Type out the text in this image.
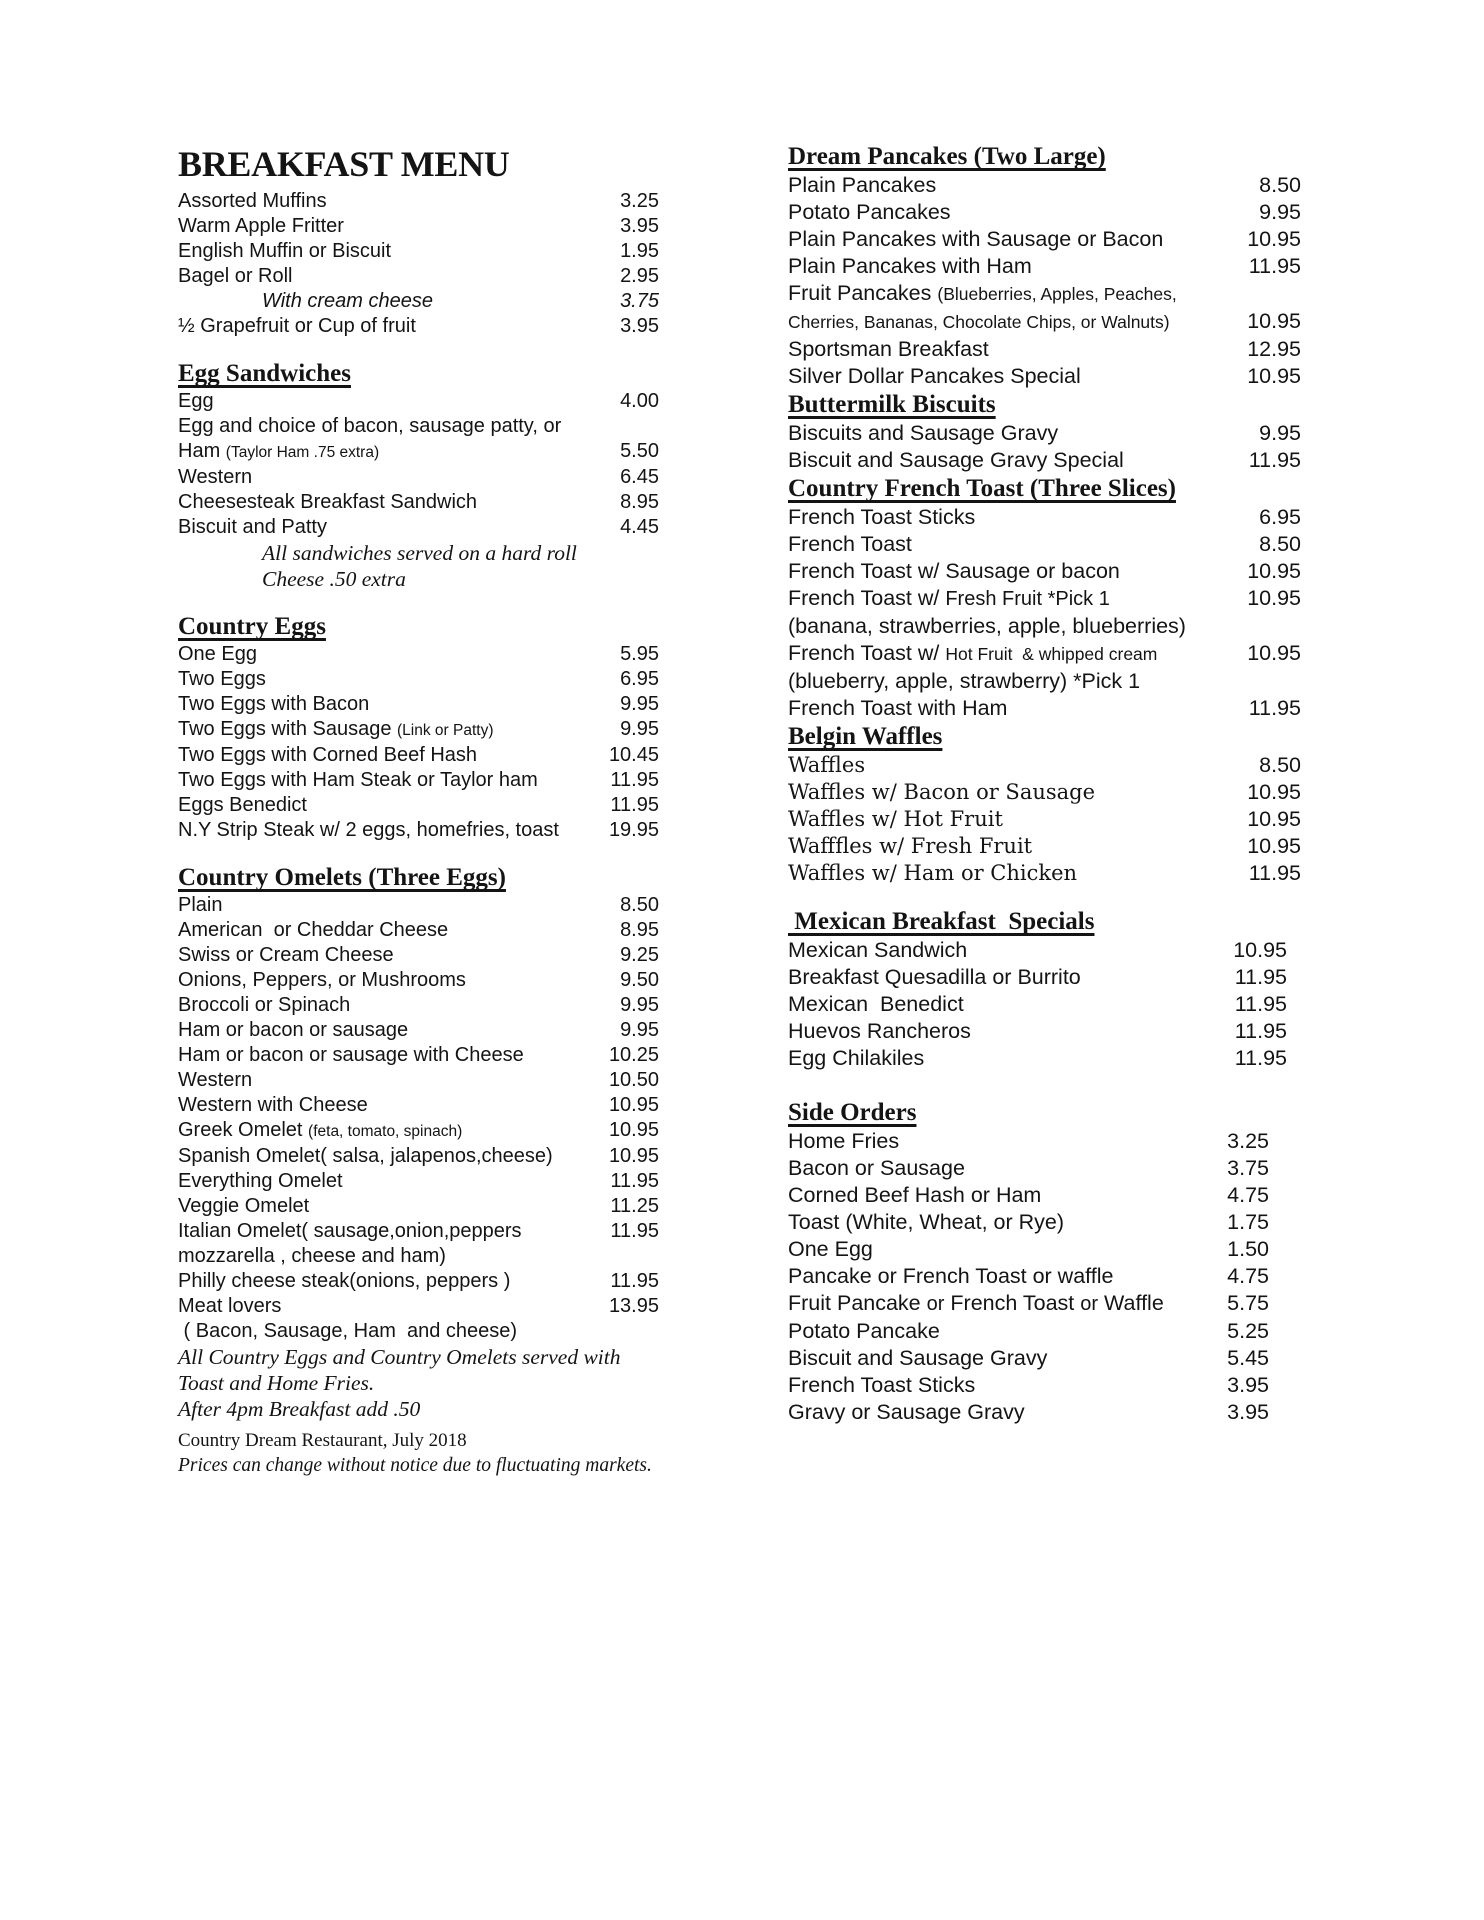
BREAKFAST MENU
Assorted Muffins	3.25
Warm Apple Fritter	3.95
English Muffin or Biscuit	1.95
Bagel or Roll	2.95
With cream cheese	3.75
½ Grapefruit or Cup of fruit	3.95
Egg Sandwiches
Egg	4.00
Egg and choice of bacon, sausage patty, or
Ham (Taylor Ham .75 extra)	5.50
Western	6.45
Cheesesteak Breakfast Sandwich	8.95
Biscuit and Patty	4.45
All sandwiches served on a hard roll
Cheese .50 extra
Country Eggs
One Egg	5.95
Two Eggs	6.95
Two Eggs with Bacon	9.95
Two Eggs with Sausage (Link or Patty)	9.95
Two Eggs with Corned Beef Hash	10.45
Two Eggs with Ham Steak or Taylor ham	11.95
Eggs Benedict	11.95
N.Y Strip Steak w/ 2 eggs, homefries, toast	19.95
Country Omelets (Three Eggs)
Plain	8.50
American  or Cheddar Cheese	8.95
Swiss or Cream Cheese	9.25
Onions, Peppers, or Mushrooms	9.50
Broccoli or Spinach	9.95
Ham or bacon or sausage	9.95
Ham or bacon or sausage with Cheese	10.25
Western	10.50
Western with Cheese	10.95
Greek Omelet (feta, tomato, spinach)	10.95
Spanish Omelet( salsa, jalapenos,cheese)	10.95
Everything Omelet	11.95
Veggie Omelet	11.25
Italian Omelet( sausage,onion,peppers	11.95
mozzarella , cheese and ham)
Philly cheese steak(onions, peppers )	11.95
Meat lovers	13.95
( Bacon, Sausage, Ham  and cheese)
All Country Eggs and Country Omelets served with
Toast and Home Fries.
After 4pm Breakfast add .50
Dream Pancakes (Two Large)
Plain Pancakes	8.50
Potato Pancakes	9.95
Plain Pancakes with Sausage or Bacon	10.95
Plain Pancakes with Ham	11.95
Fruit Pancakes (Blueberries, Apples, Peaches,
Cherries, Bananas, Chocolate Chips, or Walnuts)	10.95
Sportsman Breakfast	12.95
Silver Dollar Pancakes Special	10.95
Buttermilk Biscuits
Biscuits and Sausage Gravy	9.95
Biscuit and Sausage Gravy Special	11.95
Country French Toast (Three Slices)
French Toast Sticks	6.95
French Toast	8.50
French Toast w/ Sausage or bacon	10.95
French Toast w/ Fresh Fruit *Pick 1	10.95
(banana, strawberries, apple, blueberries)
French Toast w/ Hot Fruit  & whipped cream	10.95
(blueberry, apple, strawberry) *Pick 1
French Toast with Ham	11.95
Belgin Waffles
Waffles	8.50
Waffles w/ Bacon or Sausage	10.95
Waffles w/ Hot Fruit	10.95
Wafffles w/ Fresh Fruit	10.95
Waffles w/ Ham or Chicken	11.95
Mexican Breakfast  Specials
Mexican Sandwich	10.95
Breakfast Quesadilla or Burrito	11.95
Mexican  Benedict	11.95
Huevos Rancheros	11.95
Egg Chilakiles	11.95
Side Orders
Home Fries	3.25
Bacon or Sausage	3.75
Corned Beef Hash or Ham	4.75
Toast (White, Wheat, or Rye)	1.75
One Egg	1.50
Pancake or French Toast or waffle	4.75
Fruit Pancake or French Toast or Waffle	5.75
Potato Pancake	5.25
Biscuit and Sausage Gravy	5.45
French Toast Sticks	3.95
Gravy or Sausage Gravy	3.95
Country Dream Restaurant, July 2018
Prices can change without notice due to fluctuating markets.
